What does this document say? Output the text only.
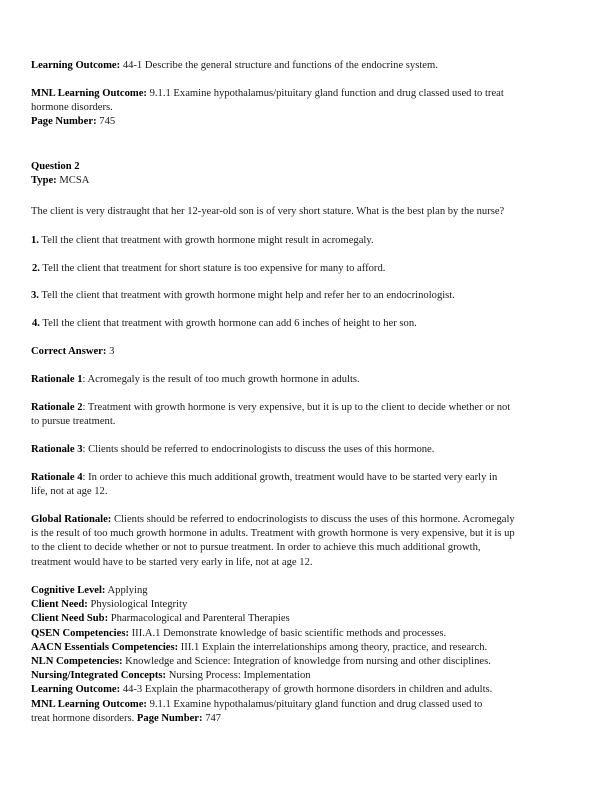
Learning Outcome: 44-1 Describe the general structure and functions of the endocrine system.
MNL Learning Outcome: 9.1.1 Examine hypothalamus/pituitary gland function and drug classed used to treat
hormone disorders.
Page Number: 745
Question 2
Type: MCSA
The client is very distraught that her 12-year-old son is of very short stature. What is the best plan by the nurse?
1. Tell the client that treatment with growth hormone might result in acromegaly.
2. Tell the client that treatment for short stature is too expensive for many to afford.
3. Tell the client that treatment with growth hormone might help and refer her to an endocrinologist.
4. Tell the client that treatment with growth hormone can add 6 inches of height to her son.
Correct Answer: 3
Rationale 1: Acromegaly is the result of too much growth hormone in adults.
Rationale 2: Treatment with growth hormone is very expensive, but it is up to the client to decide whether or not
to pursue treatment.
Rationale 3: Clients should be referred to endocrinologists to discuss the uses of this hormone.
Rationale 4: In order to achieve this much additional growth, treatment would have to be started very early in
life, not at age 12.
Global Rationale: Clients should be referred to endocrinologists to discuss the uses of this hormone. Acromegaly
is the result of too much growth hormone in adults. Treatment with growth hormone is very expensive, but it is up
to the client to decide whether or not to pursue treatment. In order to achieve this much additional growth,
treatment would have to be started very early in life, not at age 12.
Cognitive Level: Applying
Client Need: Physiological Integrity
Client Need Sub: Pharmacological and Parenteral Therapies
QSEN Competencies: III.A.1 Demonstrate knowledge of basic scientific methods and processes.
AACN Essentials Competencies: III.1 Explain the interrelationships among theory, practice, and research.
NLN Competencies: Knowledge and Science: Integration of knowledge from nursing and other disciplines.
Nursing/Integrated Concepts: Nursing Process: Implementation
Learning Outcome: 44-3 Explain the pharmacotherapy of growth hormone disorders in children and adults.
MNL Learning Outcome: 9.1.1 Examine hypothalamus/pituitary gland function and drug classed used to
treat hormone disorders. Page Number: 747
